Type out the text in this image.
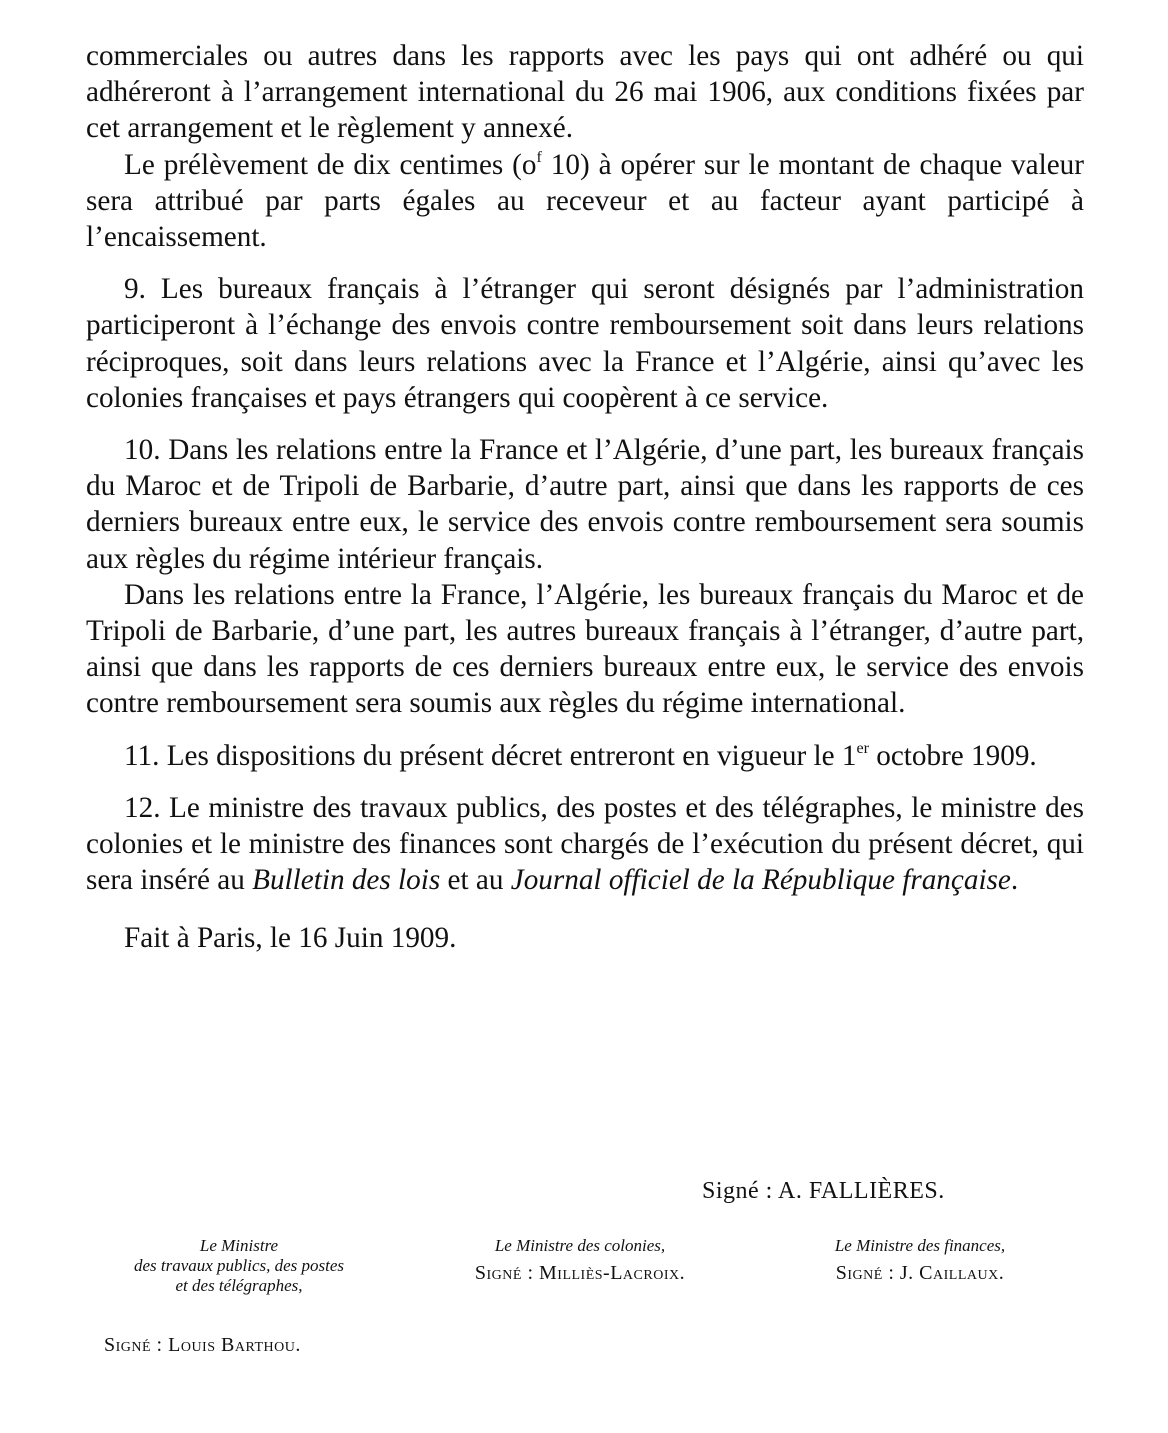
commerciales ou autres dans les rapports avec les pays qui ont adhéré ou qui adhéreront à l’arrangement international du 26 mai 1906, aux conditions fixées par cet arrangement et le règlement y annexé.

Le prélèvement de dix centimes ($o^f$ 10) à opérer sur le montant de chaque valeur sera attribué par parts égales au receveur et au facteur ayant participé à l’encaissement.

9. Les bureaux français à l’étranger qui seront désignés par l’administration participeront à l’échange des envois contre remboursement soit dans leurs relations réciproques, soit dans leurs relations avec la France et l’Algérie, ainsi qu’avec les colonies françaises et pays étrangers qui coopèrent à ce service.

10. Dans les relations entre la France et l’Algérie, d’une part, les bureaux français du Maroc et de Tripoli de Barbarie, d’autre part, ainsi que dans les rapports de ces derniers bureaux entre eux, le service des envois contre remboursement sera soumis aux règles du régime intérieur français.

Dans les relations entre la France, l’Algérie, les bureaux français du Maroc et de Tripoli de Barbarie, d’une part, les autres bureaux français à l’étranger, d’autre part, ainsi que dans les rapports de ces derniers bureaux entre eux, le service des envois contre remboursement sera soumis aux règles du régime international.

11. Les dispositions du présent décret entreront en vigueur le 1er octobre 1909.

12. Le ministre des travaux publics, des postes et des télégraphes, le ministre des colonies et le ministre des finances sont chargés de l’exécution du présent décret, qui sera inséré au Bulletin des lois et au Journal officiel de la République française.

Fait à Paris, le 16 Juin 1909.

Signé : A. FALLIÈRES.
Le Ministre
des travaux publics, des postes
et des télégraphes,
Signé : Louis Barthou.
Le Ministre des colonies,
Signé : Milliès-Lacroix.
Le Ministre des finances,
Signé : J. Caillaux.
